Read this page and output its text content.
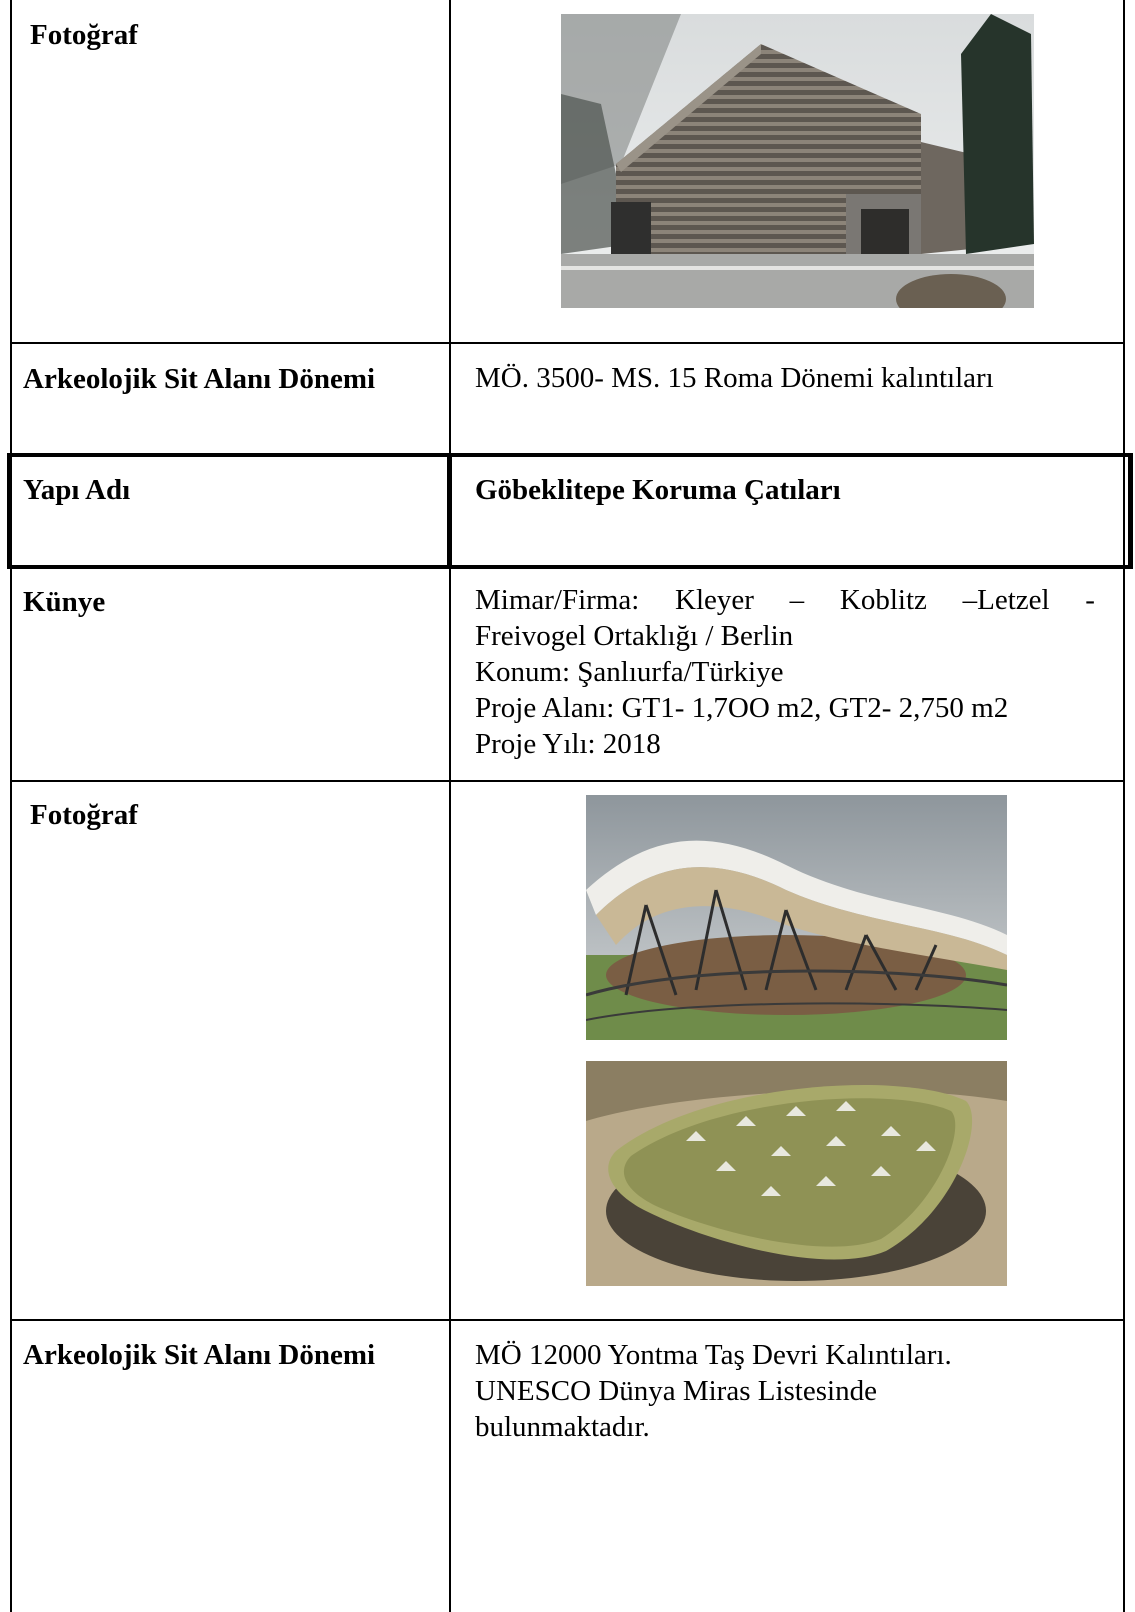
Fotoğraf
Arkeolojik Sit Alanı Dönemi	MÖ. 3500- MS. 15 Roma Dönemi kalıntıları
Yapı Adı	Göbeklitepe Koruma Çatıları
Künye	Mimar/Firma: Kleyer – Koblitz –Letzel -
Freivogel Ortaklığı / Berlin
Konum: Şanlıurfa/Türkiye
Proje Alanı: GT1- 1,7OO m2, GT2- 2,750 m2
Proje Yılı: 2018
Fotoğraf
Arkeolojik Sit Alanı Dönemi	MÖ 12000 Yontma Taş Devri Kalıntıları.
UNESCO Dünya Miras Listesinde
bulunmaktadır.
